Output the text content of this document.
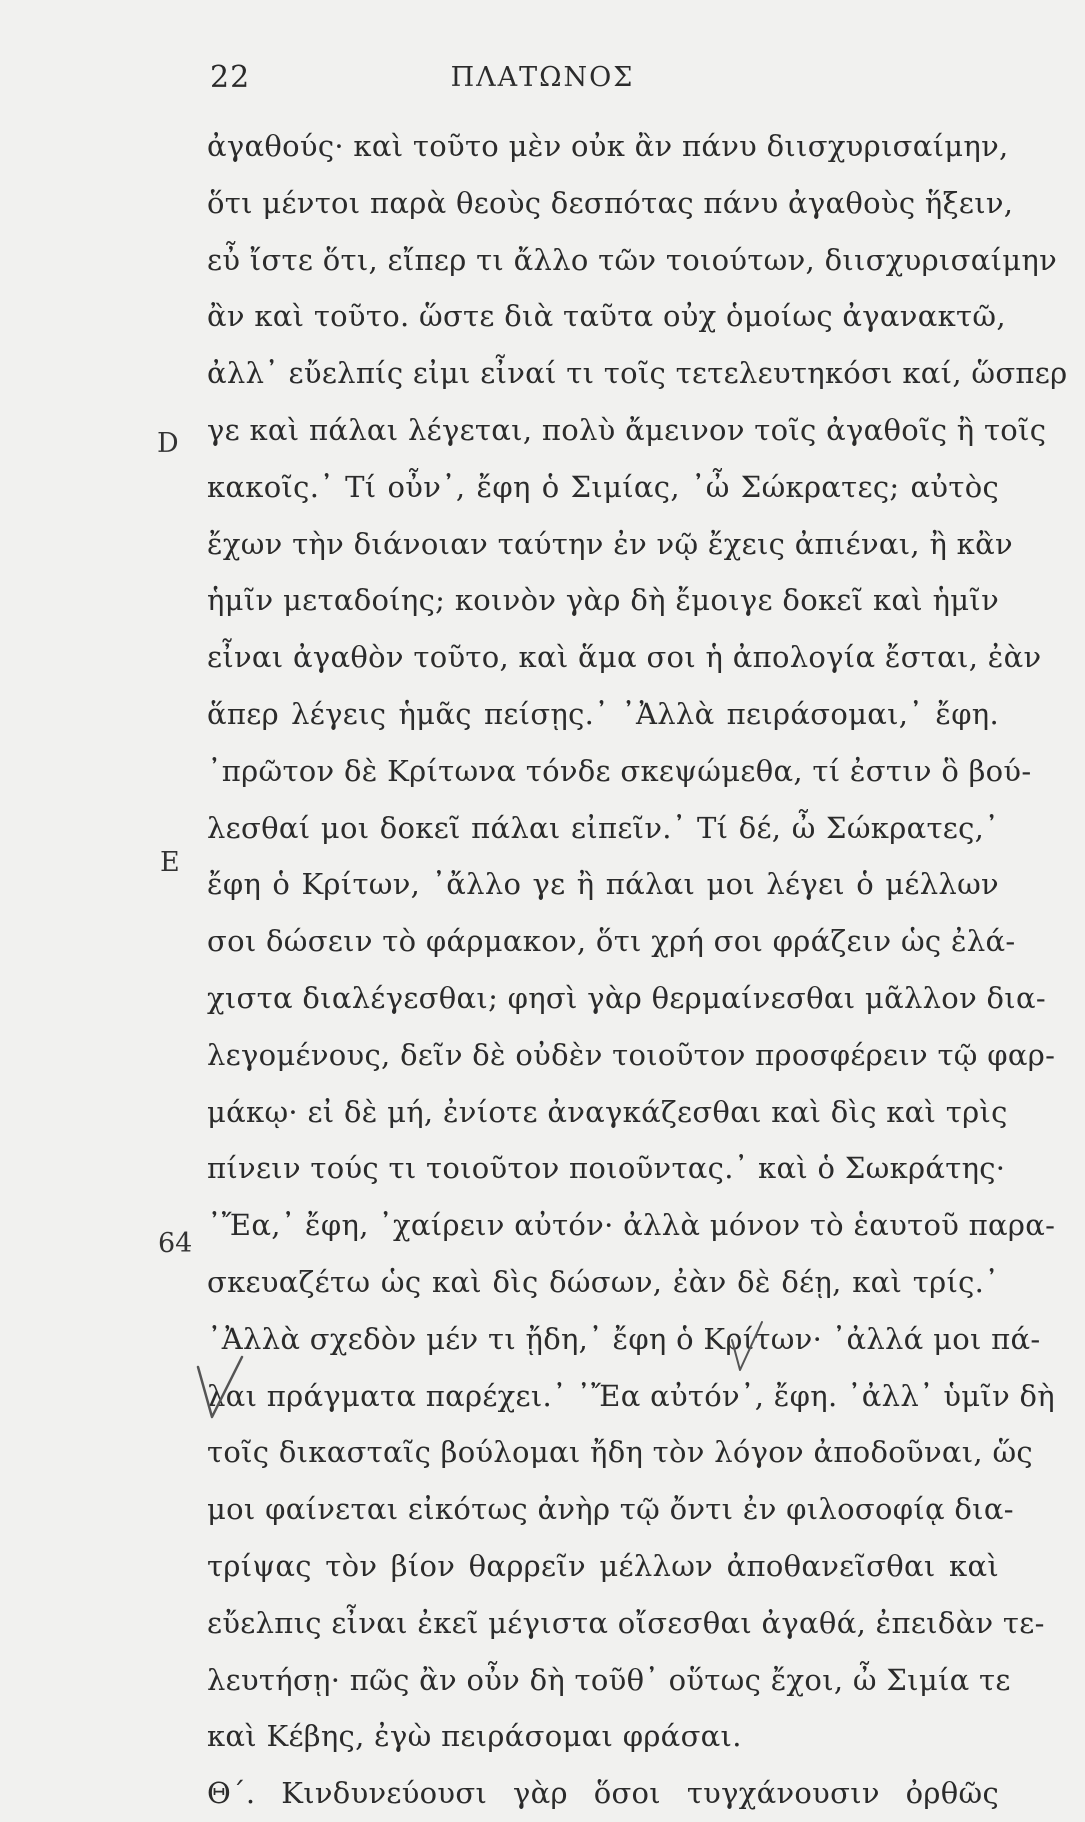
22	ΠΛΑΤΩΝΟΣ
D
E
64
ἀγαθούς· καὶ τοῦτο μὲν οὐκ ἂν πάνυ διισχυρισαίμην,
ὅτι μέντοι παρὰ θεοὺς δεσπότας πάνυ ἀγαθοὺς ἥξειν,
εὖ ἴστε ὅτι, εἴπερ τι ἄλλο τῶν τοιούτων, διισχυρισαίμην
ἂν καὶ τοῦτο. ὥστε διὰ ταῦτα οὐχ ὁμοίως ἀγανακτῶ,
ἀλλ᾽ εὔελπίς εἰμι εἶναί τι τοῖς τετελευτηκόσι καί, ὥσπερ
γε καὶ πάλαι λέγεται, πολὺ ἄμεινον τοῖς ἀγαθοῖς ἢ τοῖς
κακοῖς.᾽ Τί οὖν᾽, ἔφη ὁ Σιμίας, ᾽ὦ Σώκρατες; αὐτὸς
ἔχων τὴν διάνοιαν ταύτην ἐν νῷ ἔχεις ἀπιέναι, ἢ κἂν
ἡμῖν μεταδοίης; κοινὸν γὰρ δὴ ἔμοιγε δοκεῖ καὶ ἡμῖν
εἶναι ἀγαθὸν τοῦτο, καὶ ἅμα σοι ἡ ἀπολογία ἔσται, ἐὰν
ἅπερ λέγεις ἡμᾶς πείσῃς.᾽ ᾽Ἀλλὰ πειράσομαι,᾽ ἔφη.
᾽πρῶτον δὲ Κρίτωνα τόνδε σκεψώμεθα, τί ἐστιν ὃ βού-
λεσθαί μοι δοκεῖ πάλαι εἰπεῖν.᾽ Τί δέ, ὦ Σώκρατες,᾽
ἔφη ὁ Κρίτων, ᾽ἄλλο γε ἢ πάλαι μοι λέγει ὁ μέλλων
σοι δώσειν τὸ φάρμακον, ὅτι χρή σοι φράζειν ὡς ἐλά-
χιστα διαλέγεσθαι; φησὶ γὰρ θερμαίνεσθαι μᾶλλον δια-
λεγομένους, δεῖν δὲ οὐδὲν τοιοῦτον προσφέρειν τῷ φαρ-
μάκῳ· εἰ δὲ μή, ἐνίοτε ἀναγκάζεσθαι καὶ δὶς καὶ τρὶς
πίνειν τούς τι τοιοῦτον ποιοῦντας.᾽ καὶ ὁ Σωκράτης·
᾽Ἔα,᾽ ἔφη, ᾽χαίρειν αὐτόν· ἀλλὰ μόνον τὸ ἑαυτοῦ παρα-
σκευαζέτω ὡς καὶ δὶς δώσων, ἐὰν δὲ δέῃ, καὶ τρίς.᾽
᾽Ἀλλὰ σχεδὸν μέν τι ᾔδη,᾽ ἔφη ὁ Κρίτων· ᾽ἀλλά μοι πά-
λαι πράγματα παρέχει.᾽ ᾽Ἔα αὐτόν᾽, ἔφη. ᾽ἀλλ᾽ ὑμῖν δὴ
τοῖς δικασταῖς βούλομαι ἤδη τὸν λόγον ἀποδοῦναι, ὥς
μοι φαίνεται εἰκότως ἀνὴρ τῷ ὄντι ἐν φιλοσοφίᾳ δια-
τρίψας τὸν βίον θαρρεῖν μέλλων ἀποθανεῖσθαι καὶ
εὔελπις εἶναι ἐκεῖ μέγιστα οἴσεσθαι ἀγαθά, ἐπειδὰν τε-
λευτήσῃ· πῶς ἂν οὖν δὴ τοῦθ᾽ οὕτως ἔχοι, ὦ Σιμία τε
καὶ Κέβης, ἐγὼ πειράσομαι φράσαι.
Θ΄. Κινδυνεύουσι γὰρ ὅσοι τυγχάνουσιν ὀρθῶς
